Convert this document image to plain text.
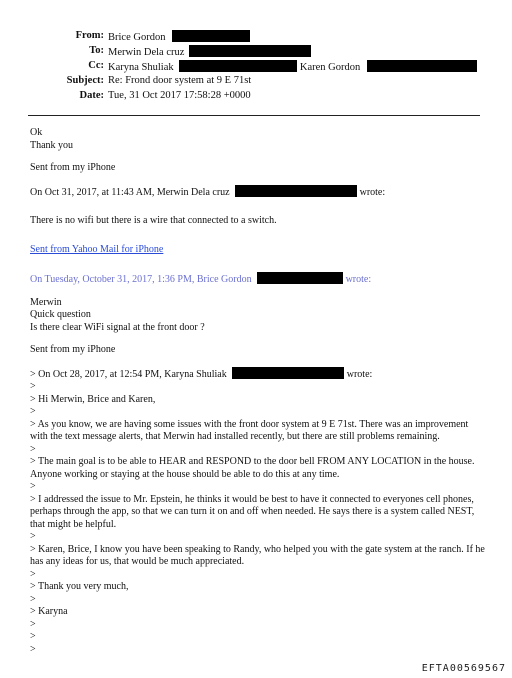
From: Brice Gordon
To: Merwin Dela cruz
Cc: Karyna Shuliak	Karen Gordon
Subject: Re: Frond door system at 9 E 71st
Date: Tue, 31 Oct 2017 17:58:28 +0000

Ok

Thank you

Sent from my iPhone

On Oct 31, 2017, at 11:43 AM, Merwin Dela cruz	wrote:

There is no wifi but there is a wire that connected to a switch.

Sent from Yahoo Mail for iPhone

On Tuesday, October 31, 2017, 1:36 PM, Brice Gordon	wrote:

Merwin

Quick question

Is there clear WiFi signal at the front door ?

Sent from my iPhone

> On Oct 28, 2017, at 12:54 PM, Karyna Shuliak	wrote:

>

> Hi Merwin, Brice and Karen,

>

> As you know, we are having some issues with the front door system at 9 E 71st. There was an improvement with the text message alerts, that Merwin had installed recently, but there are still problems remaining.

>

> The main goal is to be able to HEAR and RESPOND to the door bell FROM ANY LOCATION in the house. Anyone working or staying at the house should be able to do this at any time.

>

> I addressed the issue to Mr. Epstein, he thinks it would be best to have it connected to everyones cell phones, perhaps through the app, so that we can turn it on and off when needed. He says there is a system called NEST, that might be helpful.

>

> Karen, Brice, I know you have been speaking to Randy, who helped you with the gate system at the ranch. If he has any ideas for us, that would be much appreciated.

>

> Thank you very much,

>

> Karyna

>

>

>

EFTA00569567
